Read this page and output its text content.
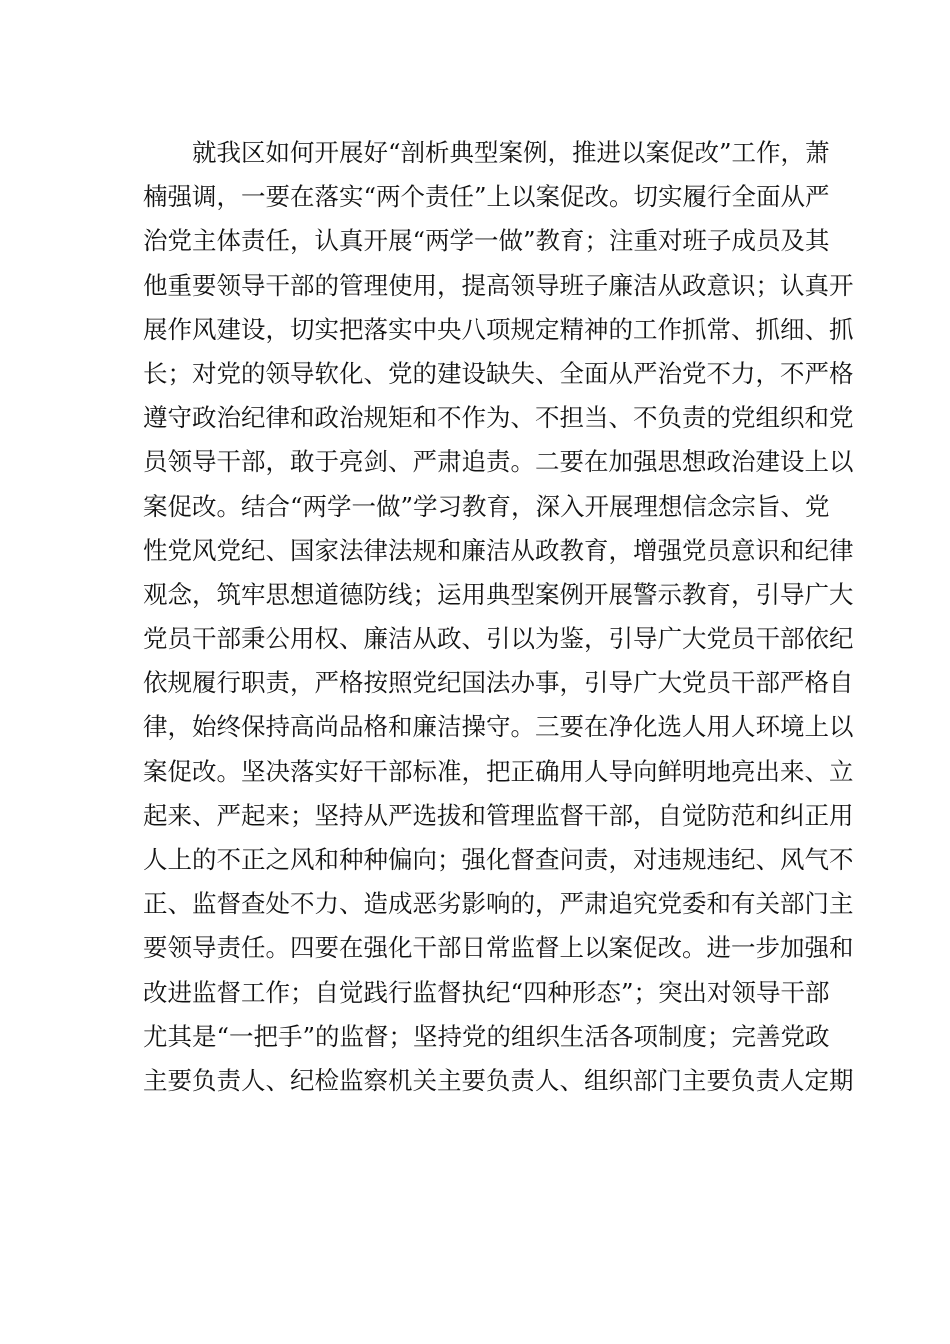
就我区如何开展好“剖析典型案例，推进以案促改”工作，萧
楠强调，一要在落实“两个责任”上以案促改。切实履行全面从严
治党主体责任，认真开展“两学一做”教育；注重对班子成员及其
他重要领导干部的管理使用，提高领导班子廉洁从政意识；认真开
展作风建设，切实把落实中央八项规定精神的工作抓常、抓细、抓
长；对党的领导软化、党的建设缺失、全面从严治党不力，不严格
遵守政治纪律和政治规矩和不作为、不担当、不负责的党组织和党
员领导干部，敢于亮剑、严肃追责。二要在加强思想政治建设上以
案促改。结合“两学一做”学习教育，深入开展理想信念宗旨、党
性党风党纪、国家法律法规和廉洁从政教育，增强党员意识和纪律
观念，筑牢思想道德防线；运用典型案例开展警示教育，引导广大
党员干部秉公用权、廉洁从政、引以为鉴，引导广大党员干部依纪
依规履行职责，严格按照党纪国法办事，引导广大党员干部严格自
律，始终保持高尚品格和廉洁操守。三要在净化选人用人环境上以
案促改。坚决落实好干部标准，把正确用人导向鲜明地亮出来、立
起来、严起来；坚持从严选拔和管理监督干部，自觉防范和纠正用
人上的不正之风和种种偏向；强化督查问责，对违规违纪、风气不
正、监督查处不力、造成恶劣影响的，严肃追究党委和有关部门主
要领导责任。四要在强化干部日常监督上以案促改。进一步加强和
改进监督工作；自觉践行监督执纪“四种形态”；突出对领导干部
尤其是“一把手”的监督；坚持党的组织生活各项制度；完善党政
主要负责人、纪检监察机关主要负责人、组织部门主要负责人定期
